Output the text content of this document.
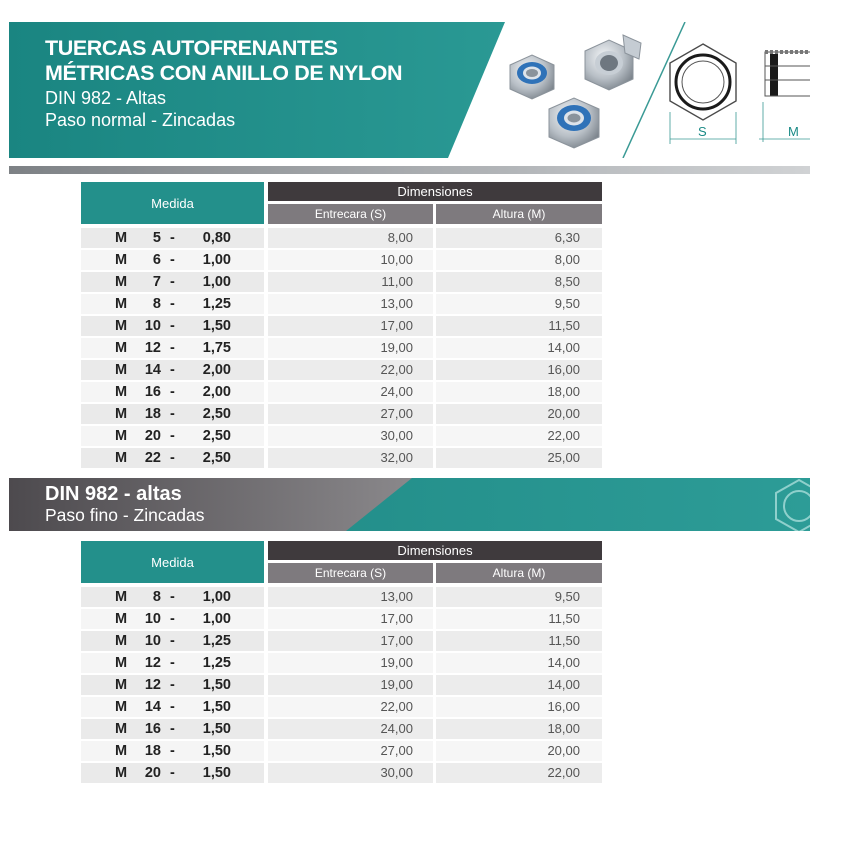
TUERCAS AUTOFRENANTES
MÉTRICAS CON ANILLO DE NYLON
DIN 982 - Altas
Paso normal - Zincadas
S	M
Medida
Dimensiones
Entrecara (S)	Altura (M)
M	5 -	0,80	8,00	6,30
M	6 -	1,00	10,00	8,00
M	7 -	1,00	11,00	8,50
M	8 -	1,25	13,00	9,50
M	10 -	1,50	17,00	11,50
M	12 -	1,75	19,00	14,00
M	14 -	2,00	22,00	16,00
M	16 -	2,00	24,00	18,00
M	18 -	2,50	27,00	20,00
M	20 -	2,50	30,00	22,00
M	22 -	2,50	32,00	25,00
DIN 982 - altas
Paso fino - Zincadas
Medida
Dimensiones
Entrecara (S)	Altura (M)
M	8 -	1,00	13,00	9,50
M	10 -	1,00	17,00	11,50
M	10 -	1,25	17,00	11,50
M	12 -	1,25	19,00	14,00
M	12 -	1,50	19,00	14,00
M	14 -	1,50	22,00	16,00
M	16 -	1,50	24,00	18,00
M	18 -	1,50	27,00	20,00
M	20 -	1,50	30,00	22,00
